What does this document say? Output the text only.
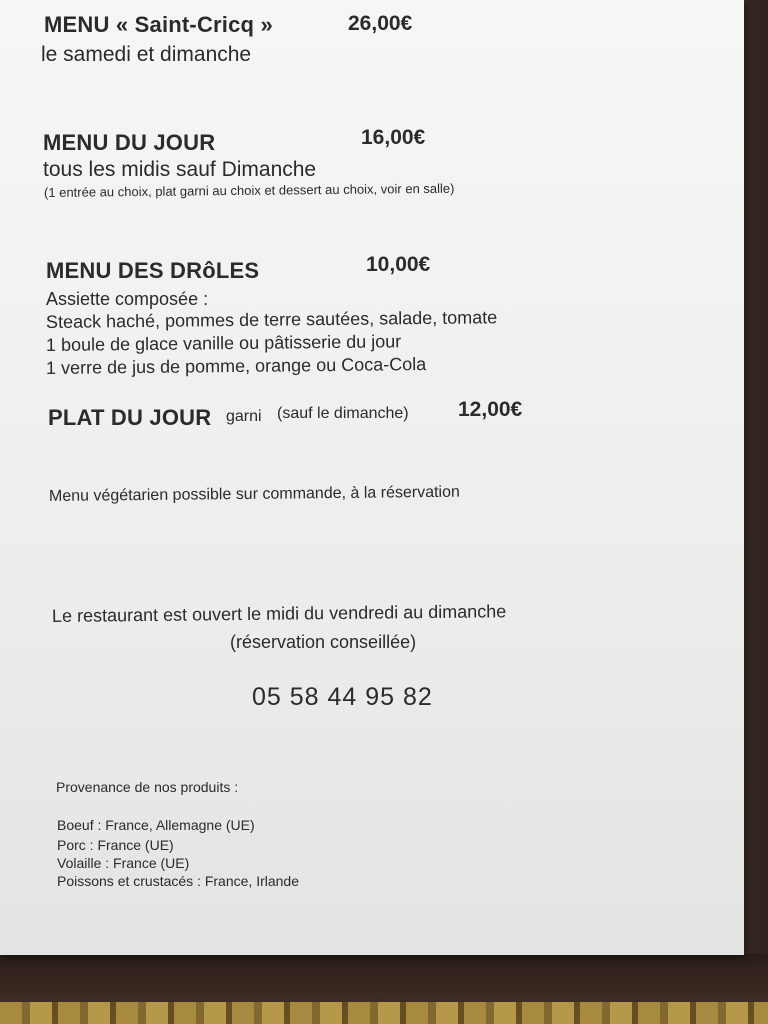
MENU « Saint-Cricq »	26,00€
le samedi et dimanche
MENU DU JOUR	16,00€
tous les midis sauf Dimanche
(1 entrée au choix, plat garni au choix et dessert au choix, voir en salle)
MENU DES DRôLES	10,00€
Assiette composée :
Steack haché, pommes de terre sautées, salade, tomate
1 boule de glace vanille ou pâtisserie du jour
1 verre de jus de pomme, orange ou Coca-Cola
PLAT DU JOUR garni (sauf le dimanche) 12,00€
Menu végétarien possible sur commande, à la réservation
Le restaurant est ouvert le midi du vendredi au dimanche
(réservation conseillée)
05 58 44 95 82
Provenance de nos produits :
Boeuf : France, Allemagne (UE)
Porc : France (UE)
Volaille : France (UE)
Poissons et crustacés : France, Irlande
